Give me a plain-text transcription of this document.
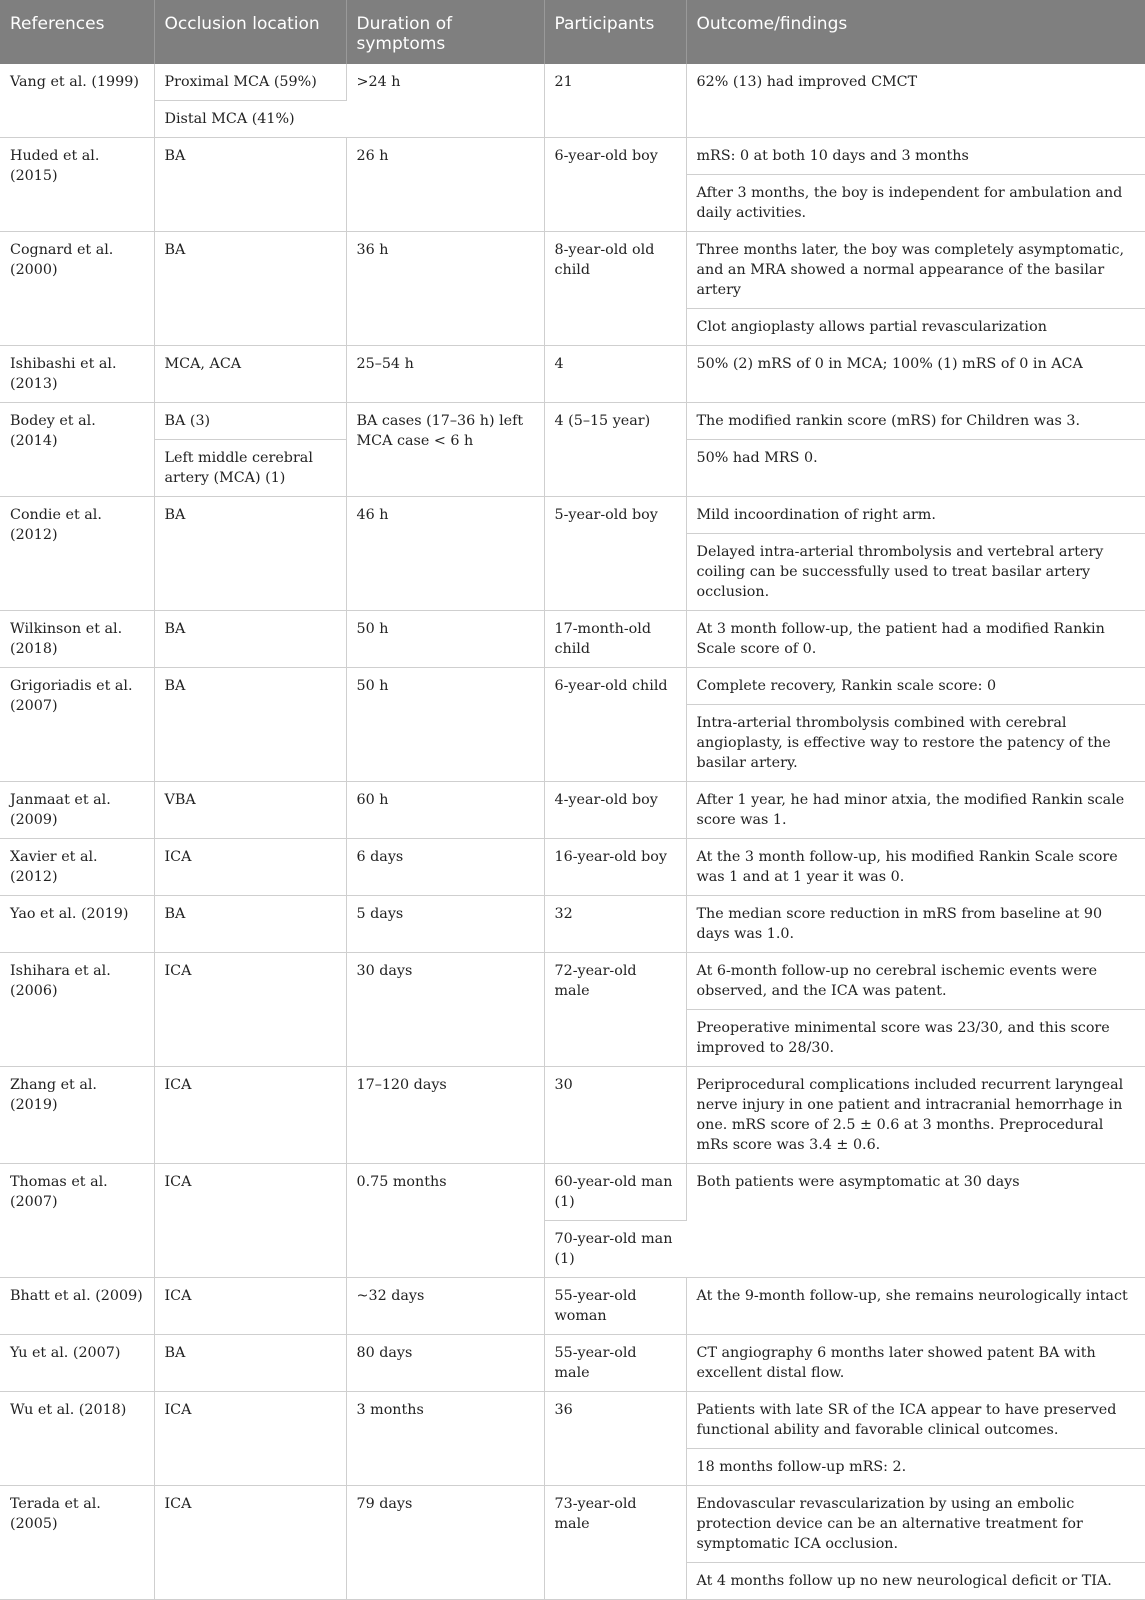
References	Occlusion location	Duration of symptoms	Participants	Outcome/findings
Vang et al. (1999)	Proximal MCA (59%)	>24 h	21	62% (13) had improved CMCT
	Distal MCA (41%)			
Huded et al. (2015)	BA	26 h	6-year-old boy	mRS: 0 at both 10 days and 3 months
				After 3 months, the boy is independent for ambulation and daily activities.
Cognard et al. (2000)	BA	36 h	8-year-old old child	Three months later, the boy was completely asymptomatic, and an MRA showed a normal appearance of the basilar artery
				Clot angioplasty allows partial revascularization
Ishibashi et al. (2013)	MCA, ACA	25–54 h	4	50% (2) mRS of 0 in MCA; 100% (1) mRS of 0 in ACA
Bodey et al. (2014)	BA (3)	BA cases (17–36 h) left MCA case < 6 h	4 (5–15 year)	The modified rankin score (mRS) for Children was 3.
	Left middle cerebral artery (MCA) (1)			50% had MRS 0.
Condie et al. (2012)	BA	46 h	5-year-old boy	Mild incoordination of right arm.
				Delayed intra-arterial thrombolysis and vertebral artery coiling can be successfully used to treat basilar artery occlusion.
Wilkinson et al. (2018)	BA	50 h	17-month-old child	At 3 month follow-up, the patient had a modified Rankin Scale score of 0.
Grigoriadis et al. (2007)	BA	50 h	6-year-old child	Complete recovery, Rankin scale score: 0
				Intra-arterial thrombolysis combined with cerebral angioplasty, is effective way to restore the patency of the basilar artery.
Janmaat et al. (2009)	VBA	60 h	4-year-old boy	After 1 year, he had minor atxia, the modified Rankin scale score was 1.
Xavier et al. (2012)	ICA	6 days	16-year-old boy	At the 3 month follow-up, his modified Rankin Scale score was 1 and at 1 year it was 0.
Yao et al. (2019)	BA	5 days	32	The median score reduction in mRS from baseline at 90 days was 1.0.
Ishihara et al. (2006)	ICA	30 days	72-year-old male	At 6-month follow-up no cerebral ischemic events were observed, and the ICA was patent.
				Preoperative minimental score was 23/30, and this score improved to 28/30.
Zhang et al. (2019)	ICA	17–120 days	30	Periprocedural complications included recurrent laryngeal nerve injury in one patient and intracranial hemorrhage in one. mRS score of 2.5 ± 0.6 at 3 months. Preprocedural mRs score was 3.4 ± 0.6.
Thomas et al. (2007)	ICA	0.75 months	60-year-old man (1)	Both patients were asymptomatic at 30 days
			70-year-old man (1)	
Bhatt et al. (2009)	ICA	~32 days	55-year-old woman	At the 9-month follow-up, she remains neurologically intact
Yu et al. (2007)	BA	80 days	55-year-old male	CT angiography 6 months later showed patent BA with excellent distal flow.
Wu et al. (2018)	ICA	3 months	36	Patients with late SR of the ICA appear to have preserved functional ability and favorable clinical outcomes.
				18 months follow-up mRS: 2.
Terada et al. (2005)	ICA	79 days	73-year-old male	Endovascular revascularization by using an embolic protection device can be an alternative treatment for symptomatic ICA occlusion.
				At 4 months follow up no new neurological deficit or TIA.
